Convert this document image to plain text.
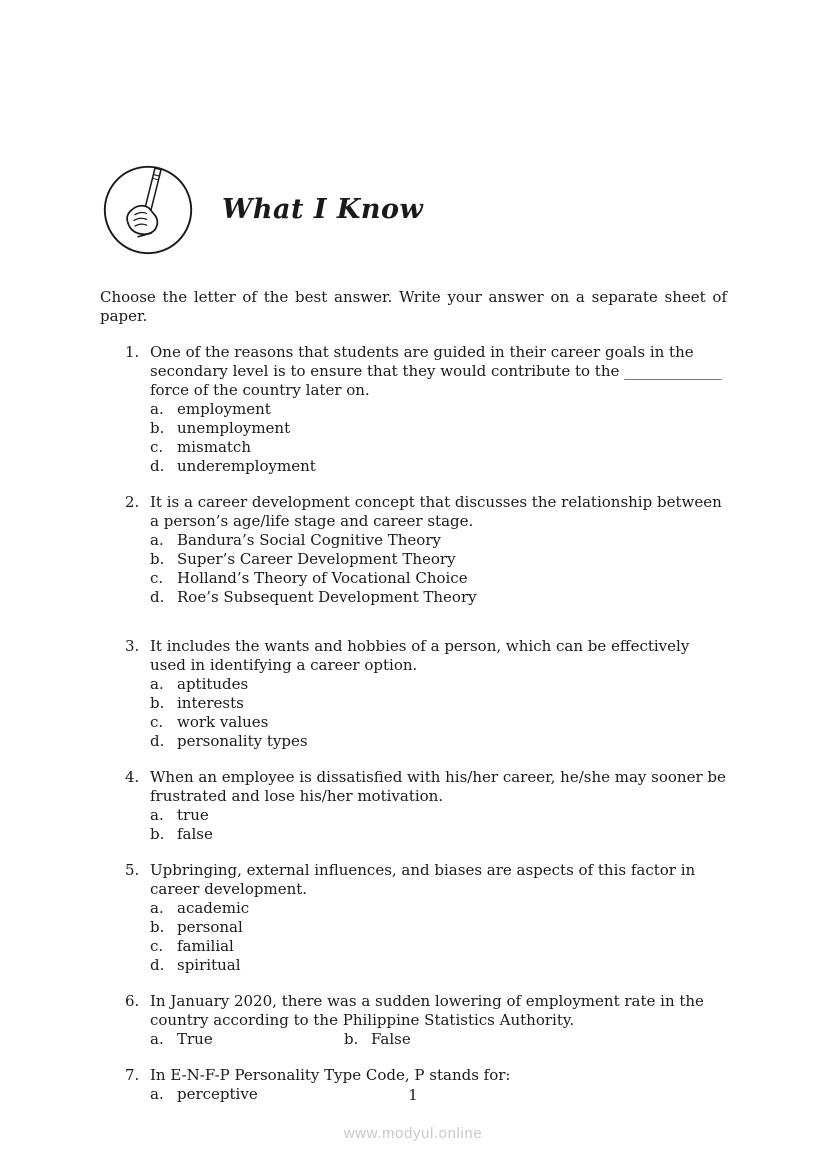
What I Know
Choose the letter of the best answer. Write your answer on a separate sheet of paper.
1. One of the reasons that students are guided in their career goals in the secondary level is to ensure that they would contribute to the _____________ force of the country later on.
a. employment
b. unemployment
c. mismatch
d. underemployment
2. It is a career development concept that discusses the relationship between a person’s age/life stage and career stage.
a. Bandura’s Social Cognitive Theory
b. Super’s Career Development Theory
c. Holland’s Theory of Vocational Choice
d. Roe’s Subsequent Development Theory
3. It includes the wants and hobbies of a person, which can be effectively used in identifying a career option.
a. aptitudes
b. interests
c. work values
d. personality types
4. When an employee is dissatisfied with his/her career, he/she may sooner be frustrated and lose his/her motivation.
a. true
b. false
5. Upbringing, external influences, and biases are aspects of this factor in career development.
a. academic
b. personal
c. familial
d. spiritual
6. In January 2020, there was a sudden lowering of employment rate in the country according to the Philippine Statistics Authority.
a. True	b. False
7. In E-N-F-P Personality Type Code, P stands for:
a. perceptive	1
www.modyul.online
